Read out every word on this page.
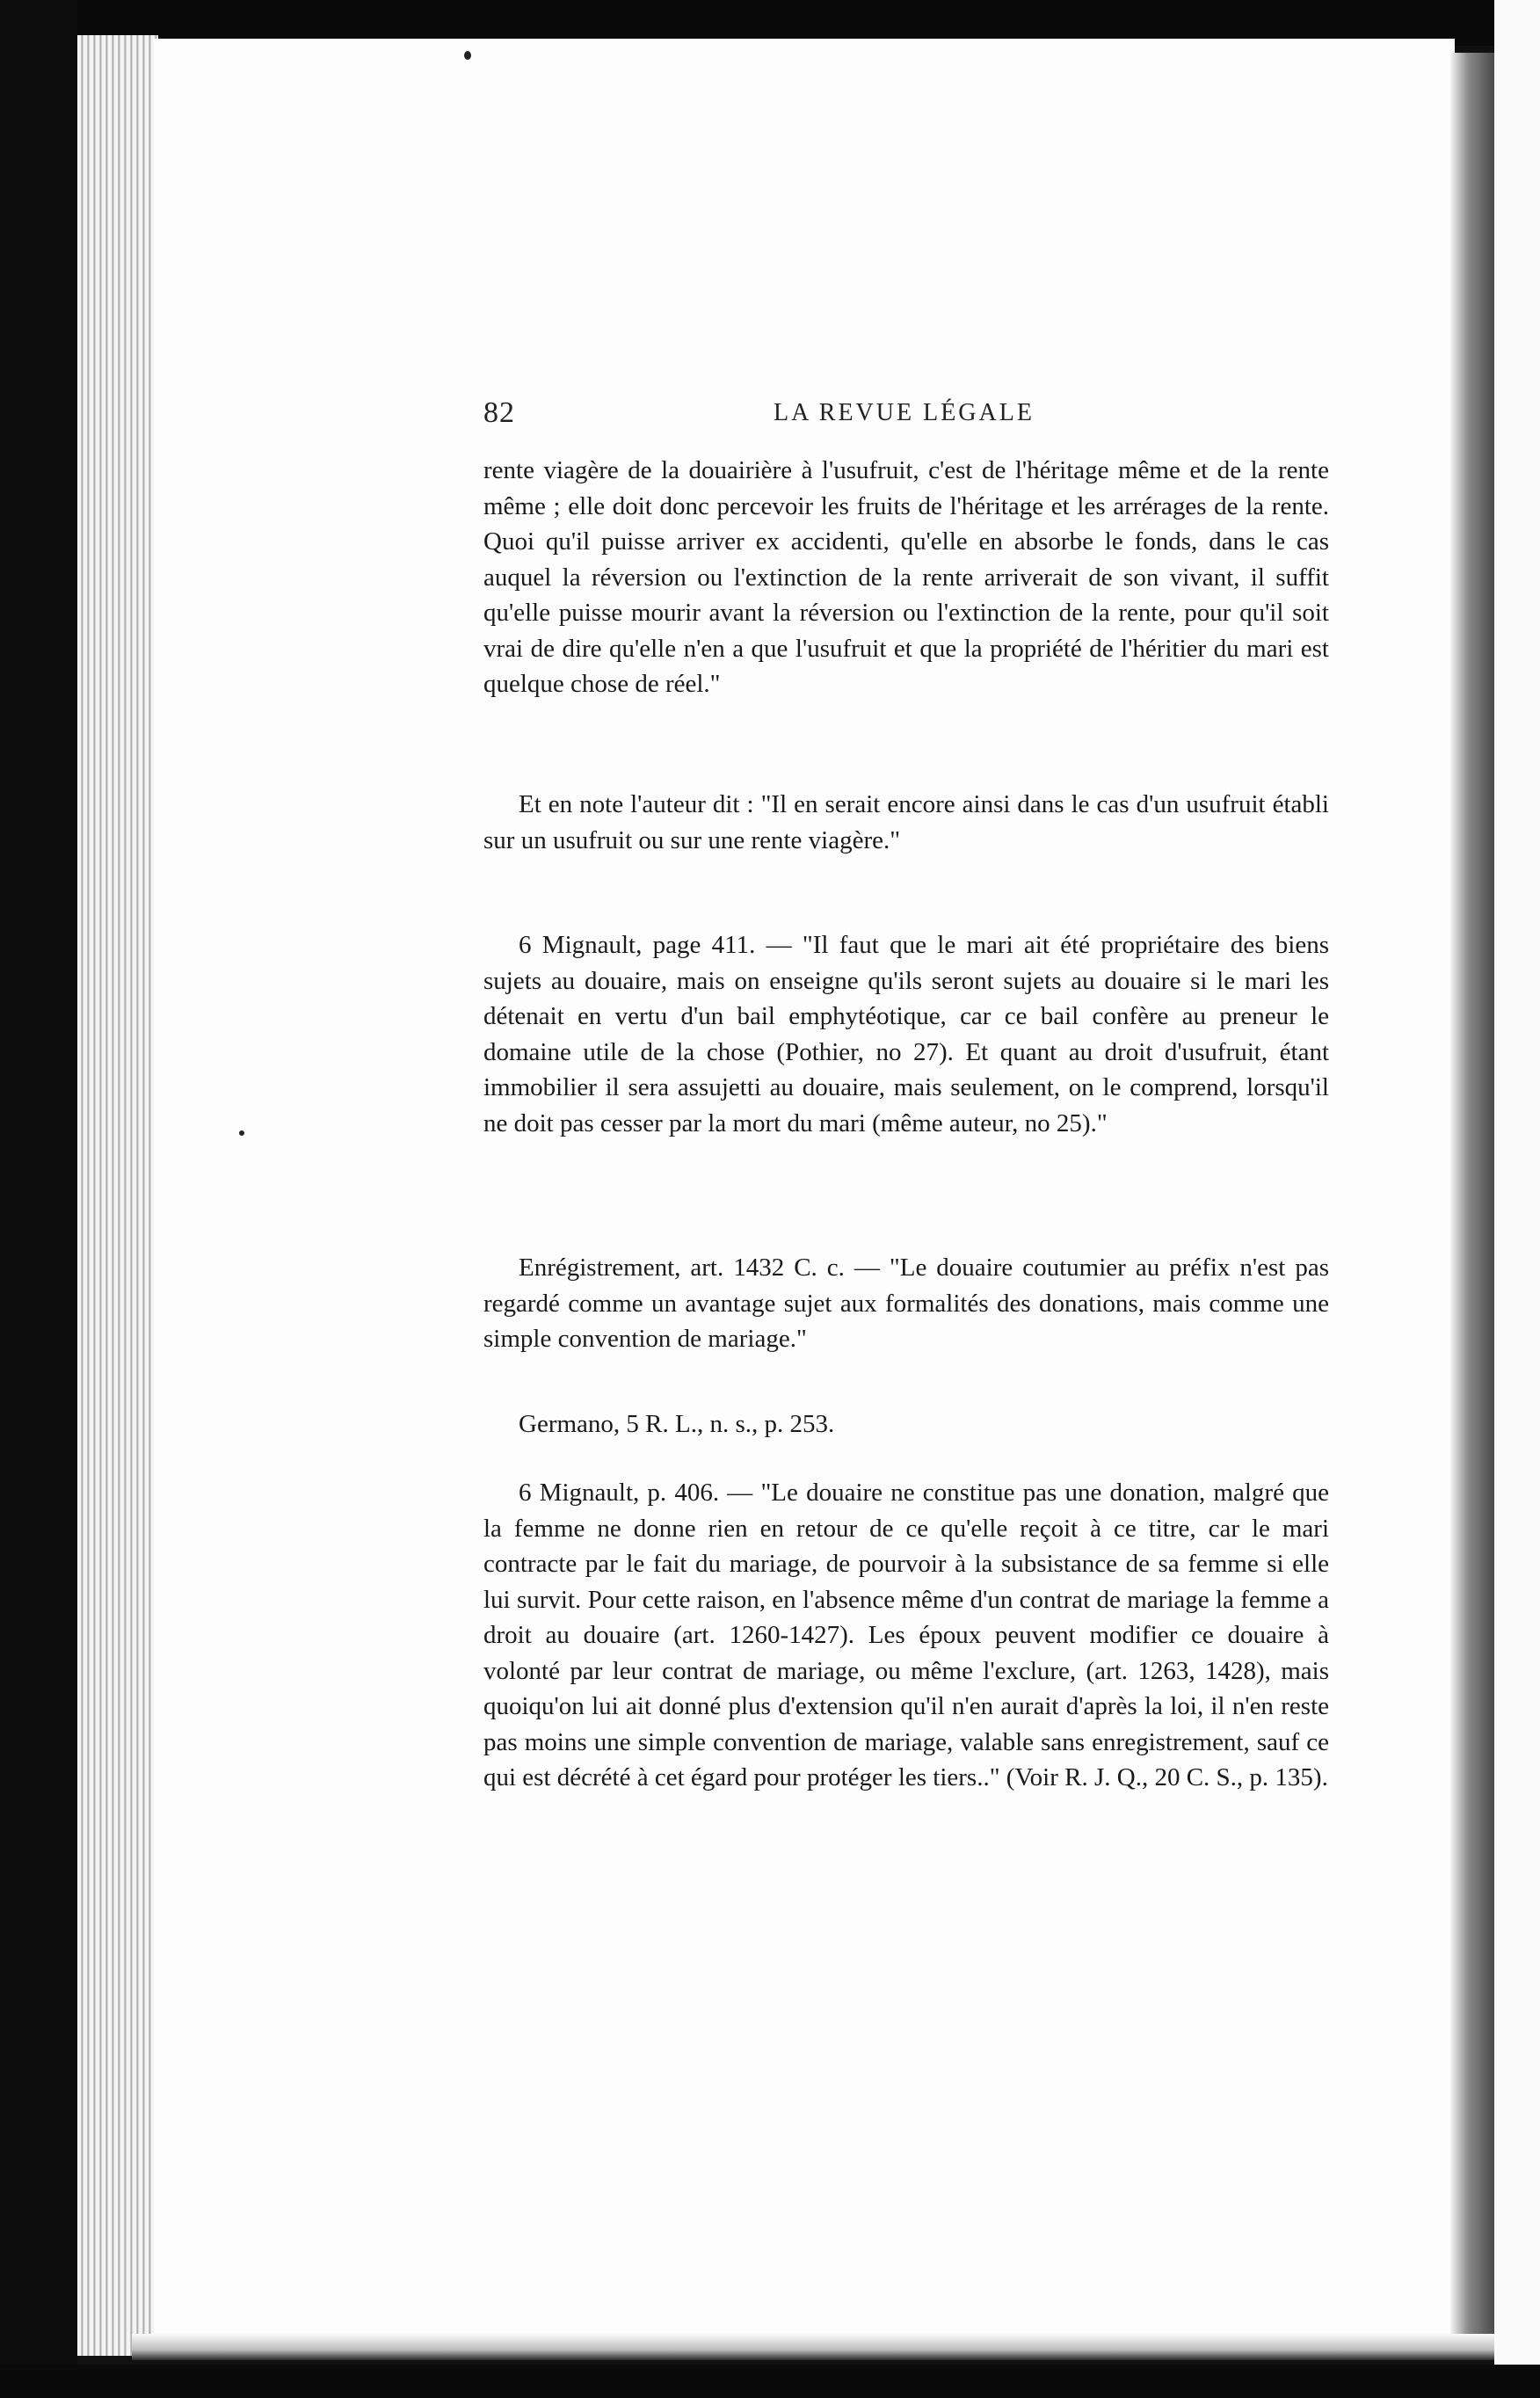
82	LA REVUE LÉGALE

rente viagère de la douairière à l'usufruit, c'est de l'héritage même et de la rente même ; elle doit donc percevoir les fruits de l'héritage et les arrérages de la rente. Quoi qu'il puisse arriver ex accidenti, qu'elle en absorbe le fonds, dans le cas auquel la réversion ou l'extinction de la rente arriverait de son vivant, il suffit qu'elle puisse mourir avant la réversion ou l'extinction de la rente, pour qu'il soit vrai de dire qu'elle n'en a que l'usufruit et que la propriété de l'héritier du mari est quelque chose de réel."

Et en note l'auteur dit : "Il en serait encore ainsi dans le cas d'un usufruit établi sur un usufruit ou sur une rente viagère."

6 Mignault, page 411. — "Il faut que le mari ait été propriétaire des biens sujets au douaire, mais on enseigne qu'ils seront sujets au douaire si le mari les détenait en vertu d'un bail emphytéotique, car ce bail confère au preneur le domaine utile de la chose (Pothier, no 27). Et quant au droit d'usufruit, étant immobilier il sera assujetti au douaire, mais seulement, on le comprend, lorsqu'il ne doit pas cesser par la mort du mari (même auteur, no 25)."

Enrégistrement, art. 1432 C. c. — "Le douaire coutumier au préfix n'est pas regardé comme un avantage sujet aux formalités des donations, mais comme une simple convention de mariage."

Germano, 5 R. L., n. s., p. 253.

6 Mignault, p. 406. — "Le douaire ne constitue pas une donation, malgré que la femme ne donne rien en retour de ce qu'elle reçoit à ce titre, car le mari contracte par le fait du mariage, de pourvoir à la subsistance de sa femme si elle lui survit. Pour cette raison, en l'absence même d'un contrat de mariage la femme a droit au douaire (art. 1260-1427). Les époux peuvent modifier ce douaire à volonté par leur contrat de mariage, ou même l'exclure, (art. 1263, 1428), mais quoiqu'on lui ait donné plus d'extension qu'il n'en aurait d'après la loi, il n'en reste pas moins une simple convention de mariage, valable sans enregistrement, sauf ce qui est décrété à cet égard pour protéger les tiers.." (Voir R. J. Q., 20 C. S., p. 135).
